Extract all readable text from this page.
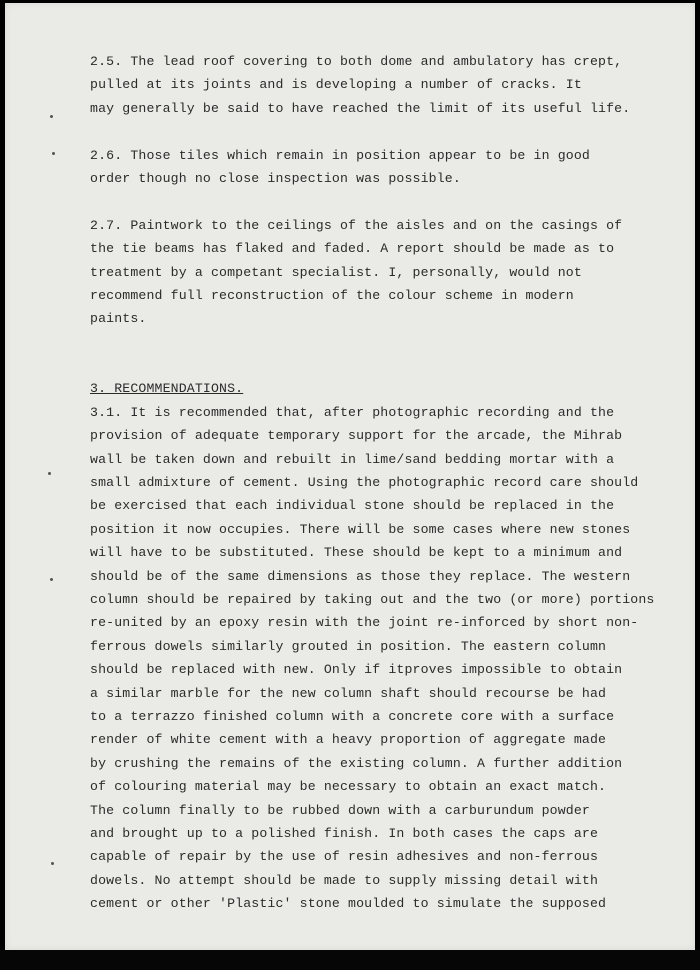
2.5. The lead roof covering to both dome and ambulatory has crept,
pulled at its joints and is developing a number of cracks. It
may generally be said to have reached the limit of its useful life.
2.6. Those tiles which remain in position appear to be in good
order though no close inspection was possible.
2.7. Paintwork to the ceilings of the aisles and on the casings of
the tie beams has flaked and faded. A report should be made as to
treatment by a competant specialist. I, personally, would not
recommend full reconstruction of the colour scheme in modern
paints.
3. RECOMMENDATIONS.
3.1. It is recommended that, after photographic recording and the
provision of adequate temporary support for the arcade, the Mihrab
wall be taken down and rebuilt in lime/sand bedding mortar with a
small admixture of cement. Using the photographic record care should
be exercised that each individual stone should be replaced in the
position it now occupies. There will be some cases where new stones
will have to be substituted. These should be kept to a minimum and
should be of the same dimensions as those they replace. The western
column should be repaired by taking out and the two (or more) portions
re-united by an epoxy resin with the joint re-inforced by short non-
ferrous dowels similarly grouted in position. The eastern column
should be replaced with new. Only if itproves impossible to obtain
a similar marble for the new column shaft should recourse be had
to a terrazzo finished column with a concrete core with a surface
render of white cement with a heavy proportion of aggregate made
by crushing the remains of the existing column. A further addition
of colouring material may be necessary to obtain an exact match.
The column finally to be rubbed down with a carburundum powder
and brought up to a polished finish. In both cases the caps are
capable of repair by the use of resin adhesives and non-ferrous
dowels. No attempt should be made to supply missing detail with
cement or other 'Plastic' stone moulded to simulate the supposed
